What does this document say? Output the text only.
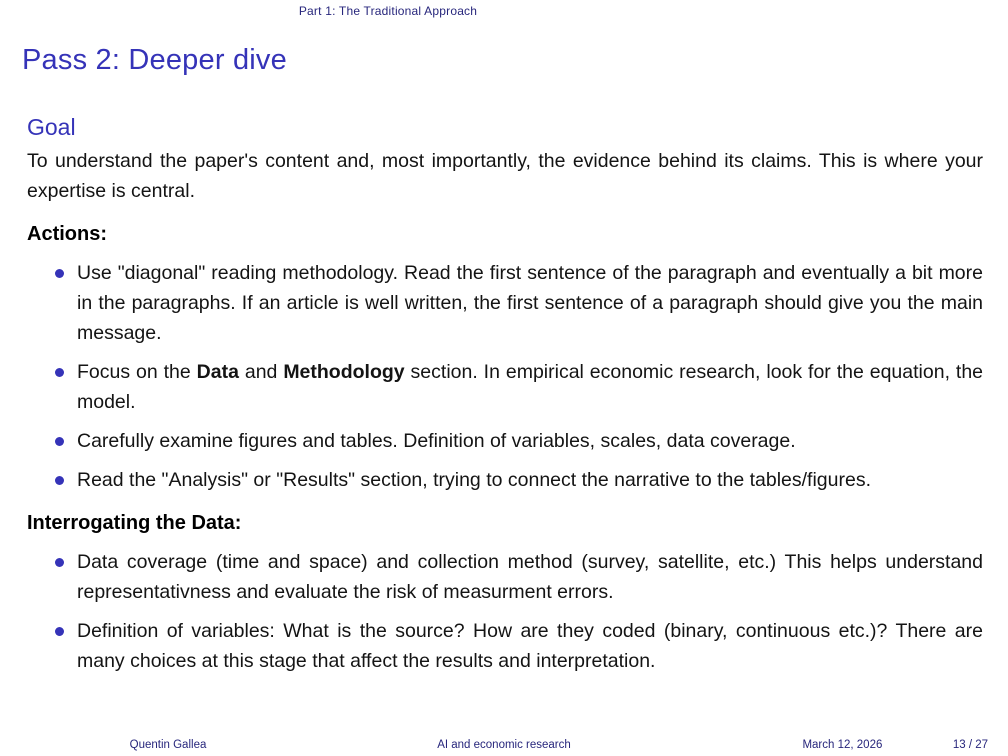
Part 1: The Traditional Approach
Pass 2: Deeper dive
Goal
To understand the paper's content and, most importantly, the evidence behind its claims. This is where your expertise is central.
Actions:
Use "diagonal" reading methodology. Read the first sentence of the paragraph and eventually a bit more in the paragraphs. If an article is well written, the first sentence of a paragraph should give you the main message.
Focus on the Data and Methodology section. In empirical economic research, look for the equation, the model.
Carefully examine figures and tables. Definition of variables, scales, data coverage.
Read the "Analysis" or "Results" section, trying to connect the narrative to the tables/figures.
Interrogating the Data:
Data coverage (time and space) and collection method (survey, satellite, etc.) This helps understand representativness and evaluate the risk of measurment errors.
Definition of variables: What is the source? How are they coded (binary, continuous etc.)? There are many choices at this stage that affect the results and interpretation.
Quentin Gallea	AI and economic research	March 12, 2026	13 / 27
